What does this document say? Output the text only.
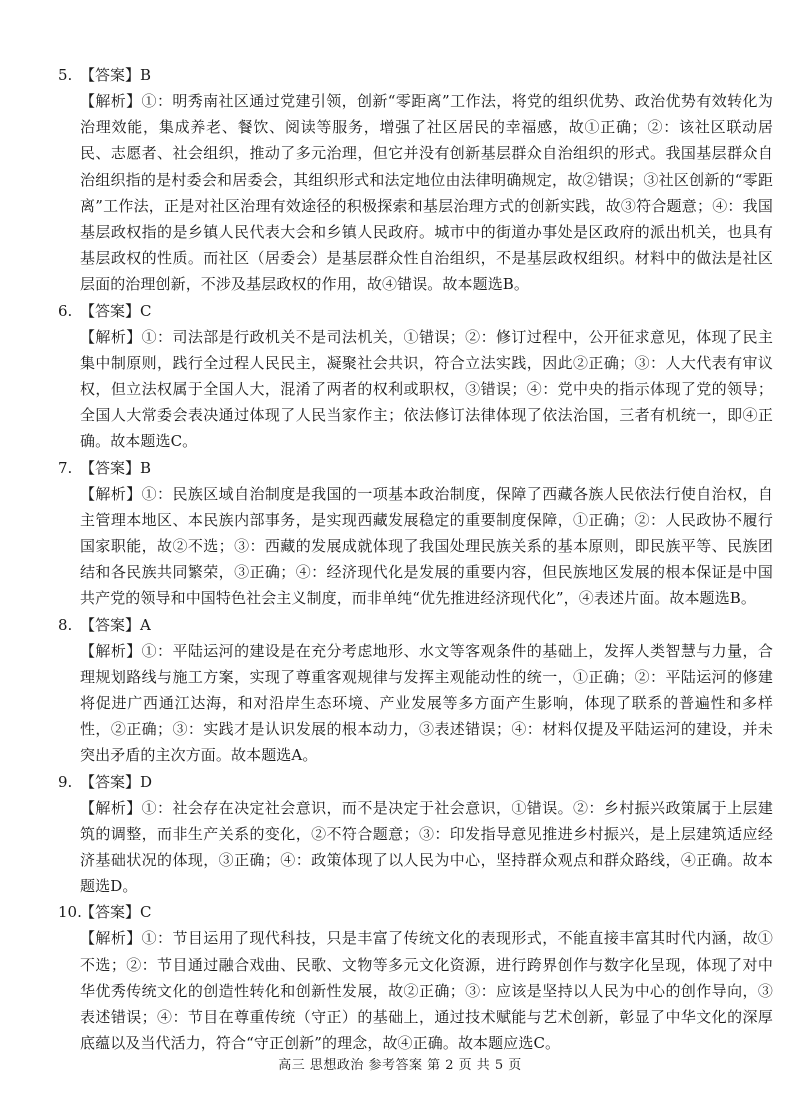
5. 【答案】B
【解析】①：明秀南社区通过党建引领，创新“零距离”工作法，将党的组织优势、政治优势有效转化为治理效能，集成养老、餐饮、阅读等服务，增强了社区居民的幸福感，故①正确；②：该社区联动居民、志愿者、社会组织，推动了多元治理，但它并没有创新基层群众自治组织的形式。我国基层群众自治组织指的是村委会和居委会，其组织形式和法定地位由法律明确规定，故②错误；③社区创新的“零距离”工作法，正是对社区治理有效途径的积极探索和基层治理方式的创新实践，故③符合题意；④：我国基层政权指的是乡镇人民代表大会和乡镇人民政府。城市中的街道办事处是区政府的派出机关，也具有基层政权的性质。而社区（居委会）是基层群众性自治组织，不是基层政权组织。材料中的做法是社区层面的治理创新，不涉及基层政权的作用，故④错误。故本题选B。
6. 【答案】C
【解析】①：司法部是行政机关不是司法机关，①错误；②：修订过程中，公开征求意见，体现了民主集中制原则，践行全过程人民民主，凝聚社会共识，符合立法实践，因此②正确；③：人大代表有审议权，但立法权属于全国人大，混淆了两者的权利或职权，③错误；④：党中央的指示体现了党的领导；全国人大常委会表决通过体现了人民当家作主；依法修订法律体现了依法治国，三者有机统一，即④正确。故本题选C。
7. 【答案】B
【解析】①：民族区域自治制度是我国的一项基本政治制度，保障了西藏各族人民依法行使自治权，自主管理本地区、本民族内部事务，是实现西藏发展稳定的重要制度保障，①正确；②：人民政协不履行国家职能，故②不选；③：西藏的发展成就体现了我国处理民族关系的基本原则，即民族平等、民族团结和各民族共同繁荣，③正确；④：经济现代化是发展的重要内容，但民族地区发展的根本保证是中国共产党的领导和中国特色社会主义制度，而非单纯“优先推进经济现代化”，④表述片面。故本题选B。
8. 【答案】A
【解析】①：平陆运河的建设是在充分考虑地形、水文等客观条件的基础上，发挥人类智慧与力量，合理规划路线与施工方案，实现了尊重客观规律与发挥主观能动性的统一，①正确；②：平陆运河的修建将促进广西通江达海，和对沿岸生态环境、产业发展等多方面产生影响，体现了联系的普遍性和多样性，②正确；③：实践才是认识发展的根本动力，③表述错误；④：材料仅提及平陆运河的建设，并未突出矛盾的主次方面。故本题选A。
9. 【答案】D
【解析】①：社会存在决定社会意识，而不是决定于社会意识，①错误。②：乡村振兴政策属于上层建筑的调整，而非生产关系的变化，②不符合题意；③：印发指导意见推进乡村振兴，是上层建筑适应经济基础状况的体现，③正确；④：政策体现了以人民为中心，坚持群众观点和群众路线，④正确。故本题选D。
10.【答案】C
【解析】①：节目运用了现代科技，只是丰富了传统文化的表现形式，不能直接丰富其时代内涵，故①不选；②：节目通过融合戏曲、民歌、文物等多元文化资源，进行跨界创作与数字化呈现，体现了对中华优秀传统文化的创造性转化和创新性发展，故②正确；③：应该是坚持以人民为中心的创作导向，③表述错误；④：节目在尊重传统（守正）的基础上，通过技术赋能与艺术创新，彰显了中华文化的深厚底蕴以及当代活力，符合“守正创新”的理念，故④正确。故本题应选C。
高三 思想政治 参考答案 第 2 页 共 5 页
